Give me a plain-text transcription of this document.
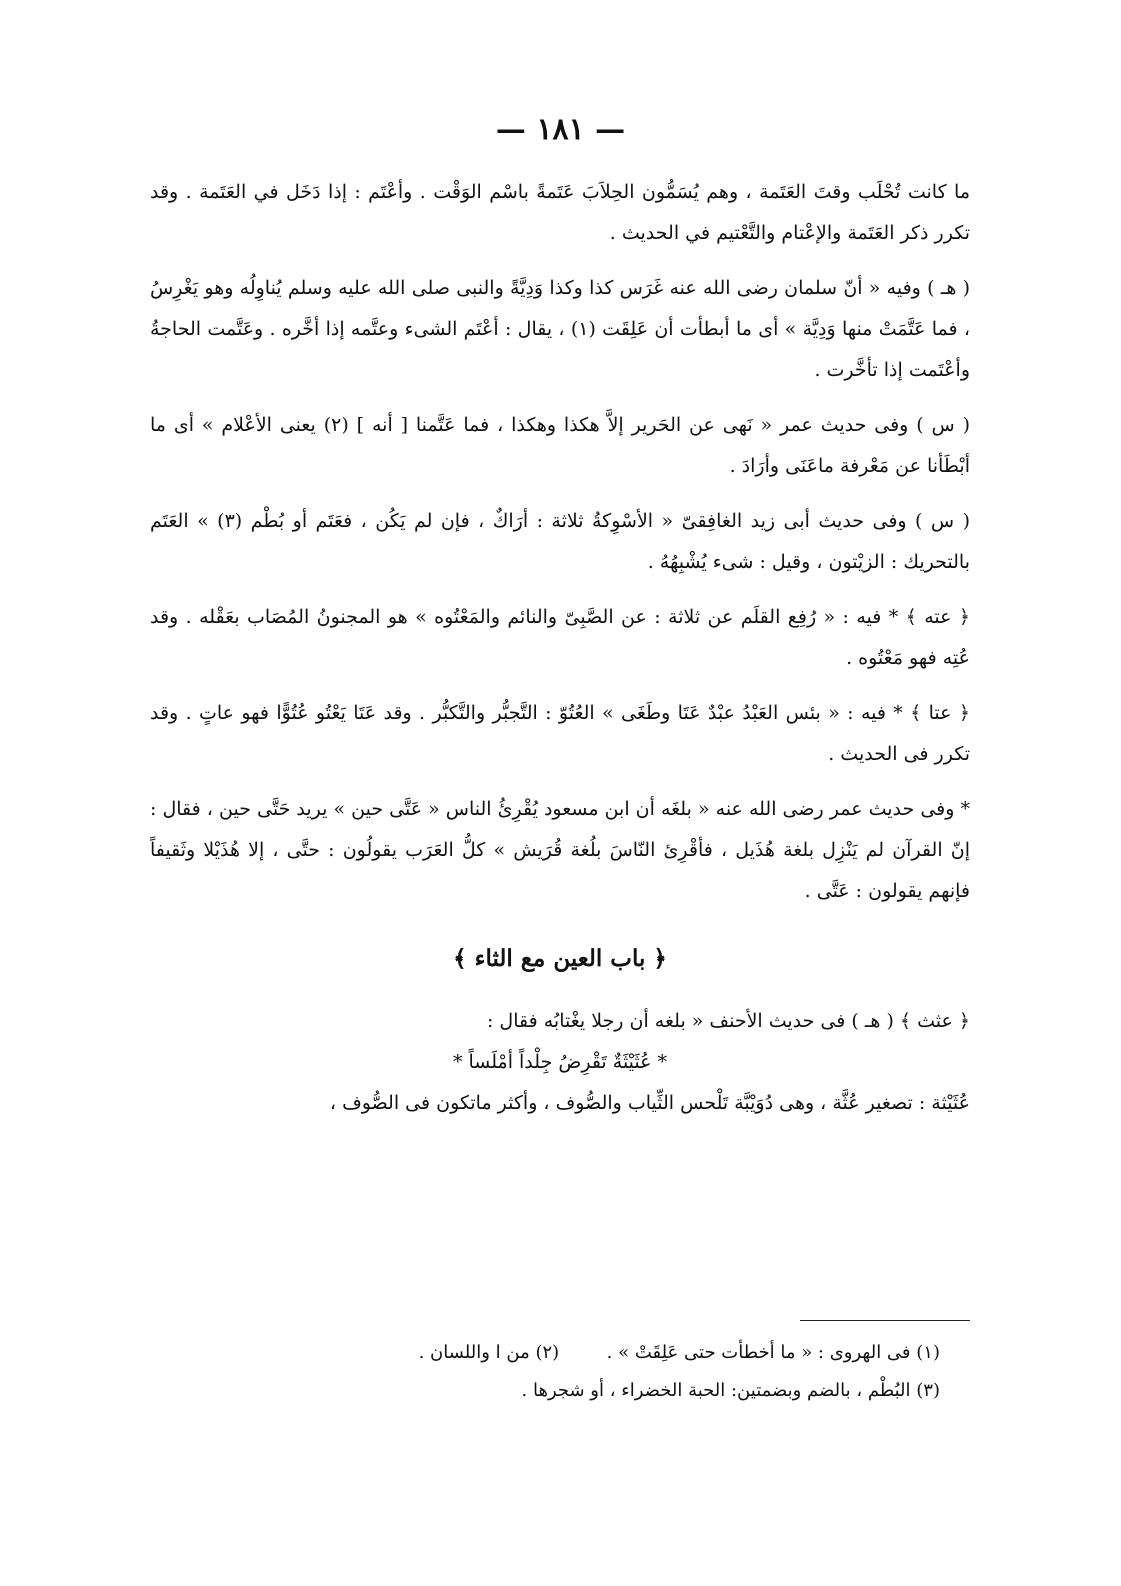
— ١٨١ —

ما كانت تُحْلَب وقتَ العَتَمة ، وهم يُسَمُّون الحِلاَبَ عَتَمةً باسْم الوَقْت . وأعْتَم : إذا دَخَل في العَتَمة . وقد تكرر ذكر العَتَمة والإعْتام والتَّعْتيم في الحديث .

( هـ ) وفيه « أنّ سلمان رضى الله عنه غَرَس كذا وكذا وَدِيَّةً والنبى صلى الله عليه وسلم يُناوِلُه وهو يَغْرِسُ ، فما عَتَّمَتْ منها وَدِيَّة » أى ما أبطأت أن عَلِقَت (١) ، يقال : أعْتَم الشىء وعتَّمه إذا أخَّره . وعَتَّمت الحاجةُ وأعْتَمت إذا تأخَّرت .

( س ) وفى حديث عمر « نَهى عن الحَرير إلاَّ هكذا وهكذا ، فما عَتَّمنا [ أنه ] (٢) يعنى الأعْلام » أى ما أبْطَأنا عن مَعْرفة ماعَنَى وأرَادَ .

( س ) وفى حديث أبى زيد الغافِقىّ « الأسْوِكةُ ثلاثة : أرَاكٌ ، فإن لم يَكُن ، فعَتَم أو بُطْم (٣) » العَتَم بالتحريك : الزيْتون ، وقيل : شىء يُشْبِهُهُ .

﴿ عته ﴾ * فيه : « رُفِع القلَم عن ثلاثة : عن الصَّبِىّ والنائم والمَعْتُوه » هو المجنونُ المُصَاب بعَقْله . وقد عُتِه فهو مَعْتُوه .

﴿ عتا ﴾ * فيه : « بئس العَبْدُ عبْدٌ عَتَا وطَغَى » العُتُوّ : التَّجبُّر والتَّكبُّر . وقد عَتَا يَعْتُو عُتُوًّا فهو عاتٍ . وقد تكرر فى الحديث .

* وفى حديث عمر رضى الله عنه « بلغَه أن ابن مسعود يُقْرِئُ الناس « عَتَّى حين » يريد حَتَّى حين ، فقال : إنّ القرآن لم يَنْزِل بلغة هُذَيل ، فأقْرِئ النّاسَ بلُغة قُرَيش » كلُّ العَرَب يقولُون : حتَّى ، إلا هُذَيْلا وثَقيفاً فإنهم يقولون : عَتَّى .

﴿ باب العين مع الثاء ﴾

﴿ عثث ﴾ ( هـ ) فى حديث الأحنف « بلغه أن رجلا يغْتابُه فقال :

* عُثَيْثَةٌ تَقْرِضُ جِلْداً أمْلَساً *

عُثَيْثة : تصغير عُثَّة ، وهى دُوَيْبَّة تَلْحس الثِّياب والصُّوف ، وأكثر ماتكون فى الصُّوف ،

(١) فى الهروى : « ما أخطأت حتى عَلِقَتْ » .  (٢) من ا واللسان .

(٣) البُطْم ، بالضم وبضمتين: الحبة الخضراء ، أو شجرها .
